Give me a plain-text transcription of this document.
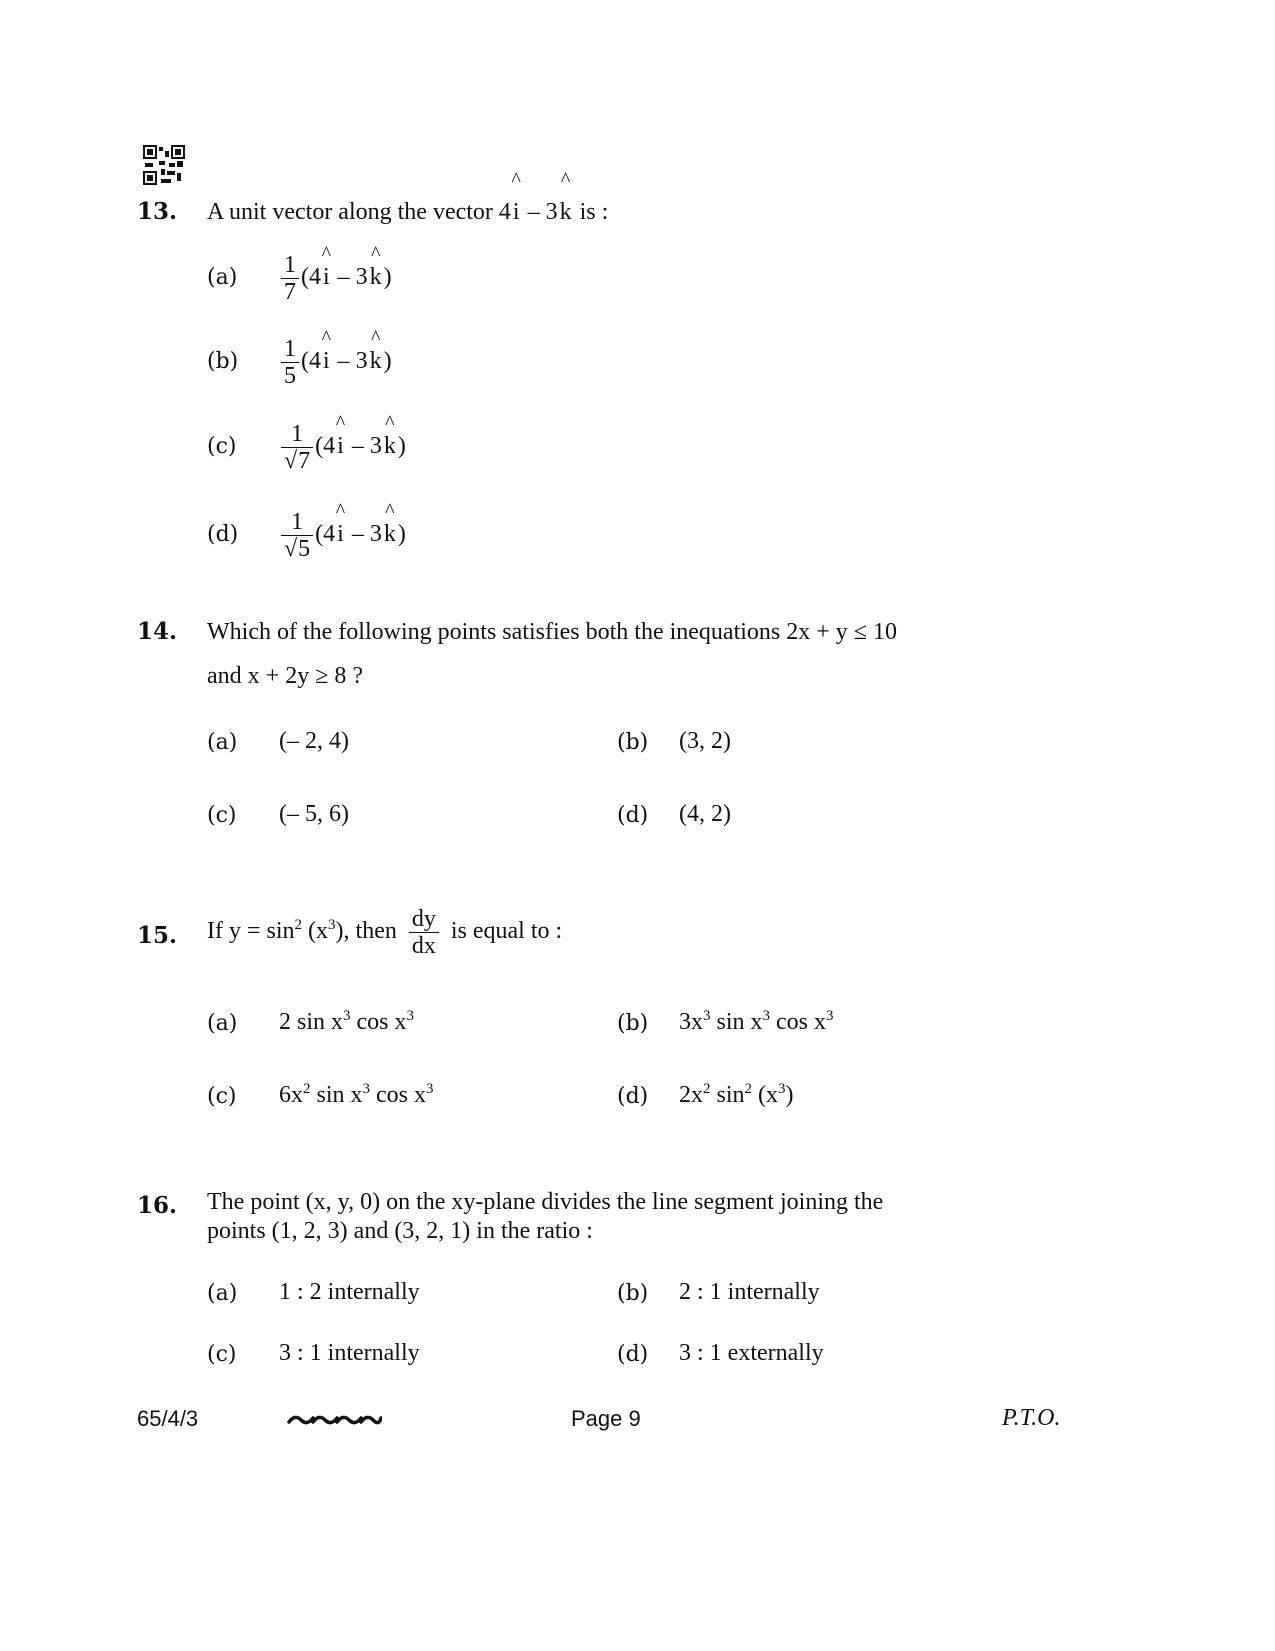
13. A unit vector along the vector 4
^
i – 3
^
k is :
$(a) \frac{1}{7} (4$
^
i – 3
^
k)
$(b) \frac{1}{5} (4$
^
i – 3
^
k)
$(c) \frac{1}{√7} (4$
^
i – 3
^
k)
$(d) \frac{1}{√5} (4$
^
i – 3
^
k)
14. Which of the following points satisfies both the inequations 2x + y ≤ 10
and x + 2y ≥ 8 ?
(a) (– 2, 4)	(b) (3, 2)
(c) (– 5, 6)	(d) (4, 2)
15. If $y = \sin^2 (x^3)$, then $\frac{dy}{dx}$ is equal to :
(a) 2 $\sin x^3$ $\cos x^3$	(b) $3x^3$ $\sin x^3$ $\cos x^3$
(c) $6x^2$ $\sin x^3$ $\cos x^3$	(d) $2x^2$ $\sin^2 (x^3)$
16. The point (x, y, 0) on the xy-plane divides the line segment joining the
points (1, 2, 3) and (3, 2, 1) in the ratio :
(a) 1 : 2 internally	(b) 2 : 1 internally
(c) 3 : 1 internally	(d) 3 : 1 externally
65/4/3	Page 9	P.T.O.
